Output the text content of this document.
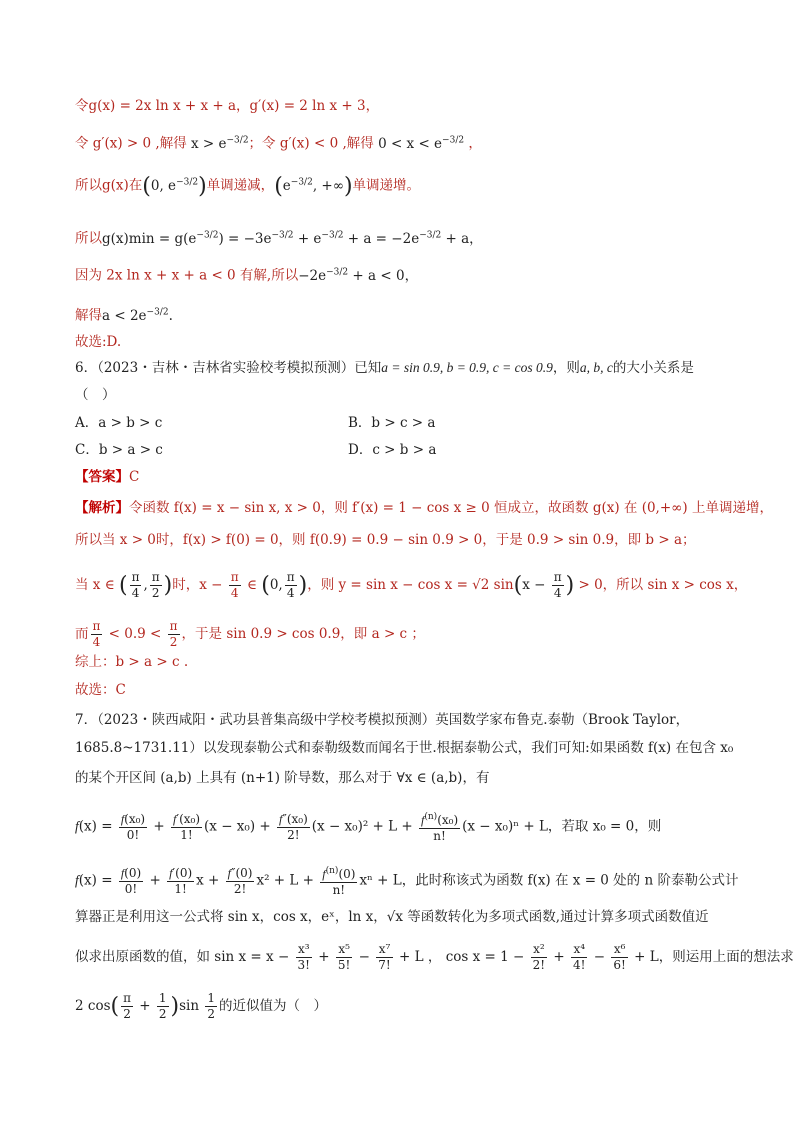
令g(x) = 2x ln x + x + a，g′(x) = 2 ln x + 3，
令 g′(x) > 0 ,解得 $x > e^{-3/2}$；令 g′(x) < 0 ,解得 $0 < x < e^{-3/2}$ ，
所以g(x)在(0, $e^{-3/2}$)单调递减，($e^{-3/2}$, +∞)单调递增。
所以$g(x)\min = g(e^{-3/2}) = -3e^{-3/2} + e^{-3/2} + a = -2e^{-3/2} + a$，
因为 2x ln x + x + a < 0 有解,所以$-2e^{-3/2} + a < 0$，
解得$a < 2e^{-3/2}$.
故选:D.
6．（2023・吉林・吉林省实验校考模拟预测）已知a = sin 0.9, b = 0.9, c = cos 0.9，则a, b, c的大小关系是
（　）
A．a > b > c	B．b > c > a
C．b > a > c	D．c > b > a
【答案】C
【解析】令函数 f(x) = x − sin x, x > 0，则 f′(x) = 1 − cos x ≥ 0 恒成立，故函数 g(x) 在 (0,+∞) 上单调递增，
所以当 x > 0时，f(x) > f(0) = 0，则 f(0.9) = 0.9 − sin 0.9 > 0，于是 0.9 > sin 0.9，即 b > a；
当 x ∈ ( $\frac{\pi}{4}$ , $\frac{\pi}{2}$ )时，$x - \frac{\pi}{4}$ ∈ (0, $\frac{\pi}{4}$ )，则 y = sin x − cos x = √2 $\sin(x - \frac{\pi}{4}$ ) > 0，所以 sin x > cos x，
而 $\frac{\pi}{4} < 0.9 < \frac{\pi}{2}$ ，于是 sin 0.9 > cos 0.9，即 a > c ；
综上：b > a > c .
故选：C
7．（2023・陕西咸阳・武功县普集高级中学校考模拟预测）英国数学家布鲁克.泰勒（Brook Taylor，
1685.8~1731.11）以发现泰勒公式和泰勒级数而闻名于世.根据泰勒公式，我们可知:如果函数 f(x) 在包含 x₀
的某个开区间 (a,b) 上具有 (n+1) 阶导数，那么对于 ∀x ∈ (a,b)，有
$f(x) = \frac{\text{f(x₀)}}{0!} + \frac{\text{f′(x₀)}}{1!} (x - x_0) + \frac{\text{f″(x₀)}}{2!} (x - x_0)^2 + L + \frac{f^{(n)}(x_0)}{n!} (x - x_0)^n + L$，若取 x₀ = 0，则
$f(x) = \frac{f(0)}{0!} + \frac{f'(0)}{1!}$ $x + \frac{f''(0)}{2!} x^2 + L + \frac{f^{(n)}(0)}{n!}$ xⁿ + L，此时称该式为函数 f(x) 在 x = 0 处的 n 阶泰勒公式计
算器正是利用这一公式将 sin x，cos x，eˣ，ln x，√x 等函数转化为多项式函数,通过计算多项式函数值近
似求出原函数的值，如 $\sin x = x - \frac{\text{x³}}{3!} + \frac{\text{x⁵}}{5!} - \frac{\text{x⁷}}{7!} + L$ ， $\cos x = 1 - \frac{\text{x²}}{2!} + \frac{\text{x⁴}}{4!} - \frac{\text{x⁶}}{6!} + L$，则运用上面的想法求
2 $\cos( \frac{\pi}{2} + \frac{1}{2} )\sin \frac{1}{2}$ 的近似值为（　）
